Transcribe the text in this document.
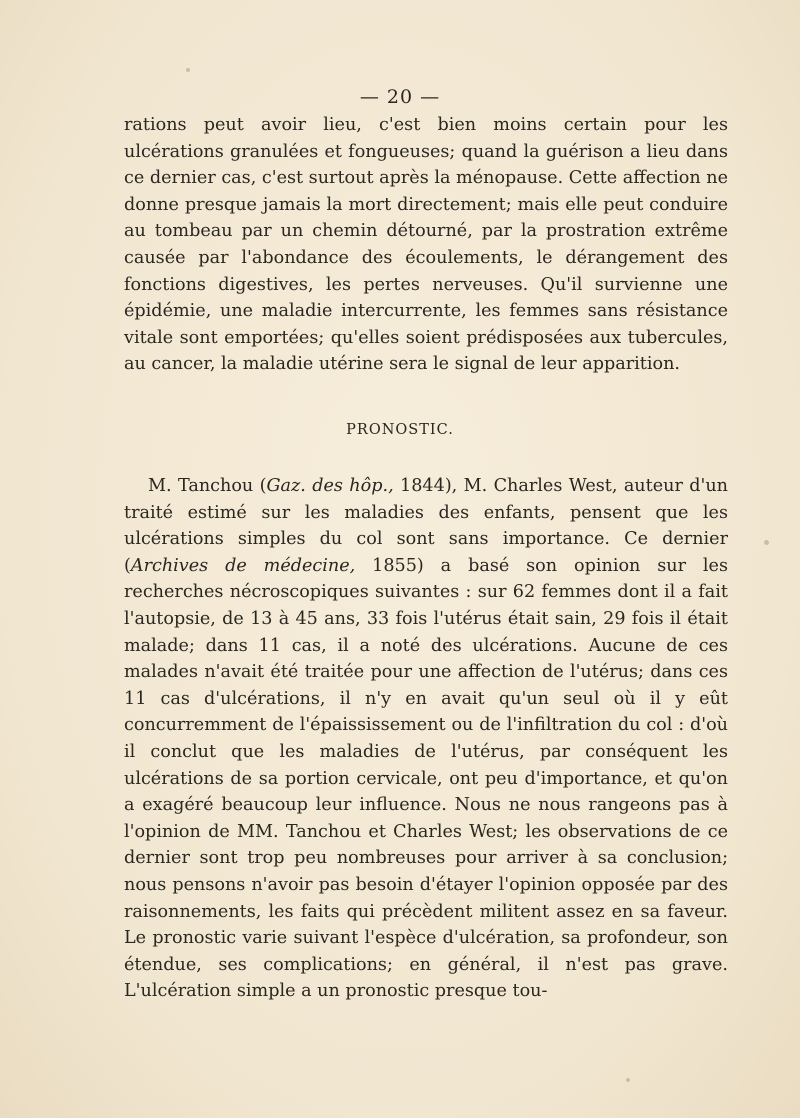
— 20 —

rations peut avoir lieu, c'est bien moins certain pour les ulcérations granulées et fongueuses; quand la guérison a lieu dans ce dernier cas, c'est surtout après la ménopause. Cette affection ne donne presque jamais la mort directement; mais elle peut conduire au tombeau par un chemin détourné, par la prostration extrême causée par l'abondance des écoulements, le dérangement des fonctions digestives, les pertes nerveuses. Qu'il survienne une épidémie, une maladie intercurrente, les femmes sans résistance vitale sont emportées; qu'elles soient prédisposées aux tubercules, au cancer, la maladie utérine sera le signal de leur apparition.

PRONOSTIC.

M. Tanchou (Gaz. des hôp., 1844), M. Charles West, auteur d'un traité estimé sur les maladies des enfants, pensent que les ulcérations simples du col sont sans importance. Ce dernier (Archives de médecine, 1855) a basé son opinion sur les recherches nécroscopiques suivantes : sur 62 femmes dont il a fait l'autopsie, de 13 à 45 ans, 33 fois l'utérus était sain, 29 fois il était malade; dans 11 cas, il a noté des ulcérations. Aucune de ces malades n'avait été traitée pour une affection de l'utérus; dans ces 11 cas d'ulcérations, il n'y en avait qu'un seul où il y eût concurremment de l'épaississement ou de l'infiltration du col : d'où il conclut que les maladies de l'utérus, par conséquent les ulcérations de sa portion cervicale, ont peu d'importance, et qu'on a exagéré beaucoup leur influence. Nous ne nous rangeons pas à l'opinion de MM. Tanchou et Charles West; les observations de ce dernier sont trop peu nombreuses pour arriver à sa conclusion; nous pensons n'avoir pas besoin d'étayer l'opinion opposée par des raisonnements, les faits qui précèdent militent assez en sa faveur. Le pronostic varie suivant l'espèce d'ulcération, sa profondeur, son étendue, ses complications; en général, il n'est pas grave. L'ulcération simple a un pronostic presque tou-
